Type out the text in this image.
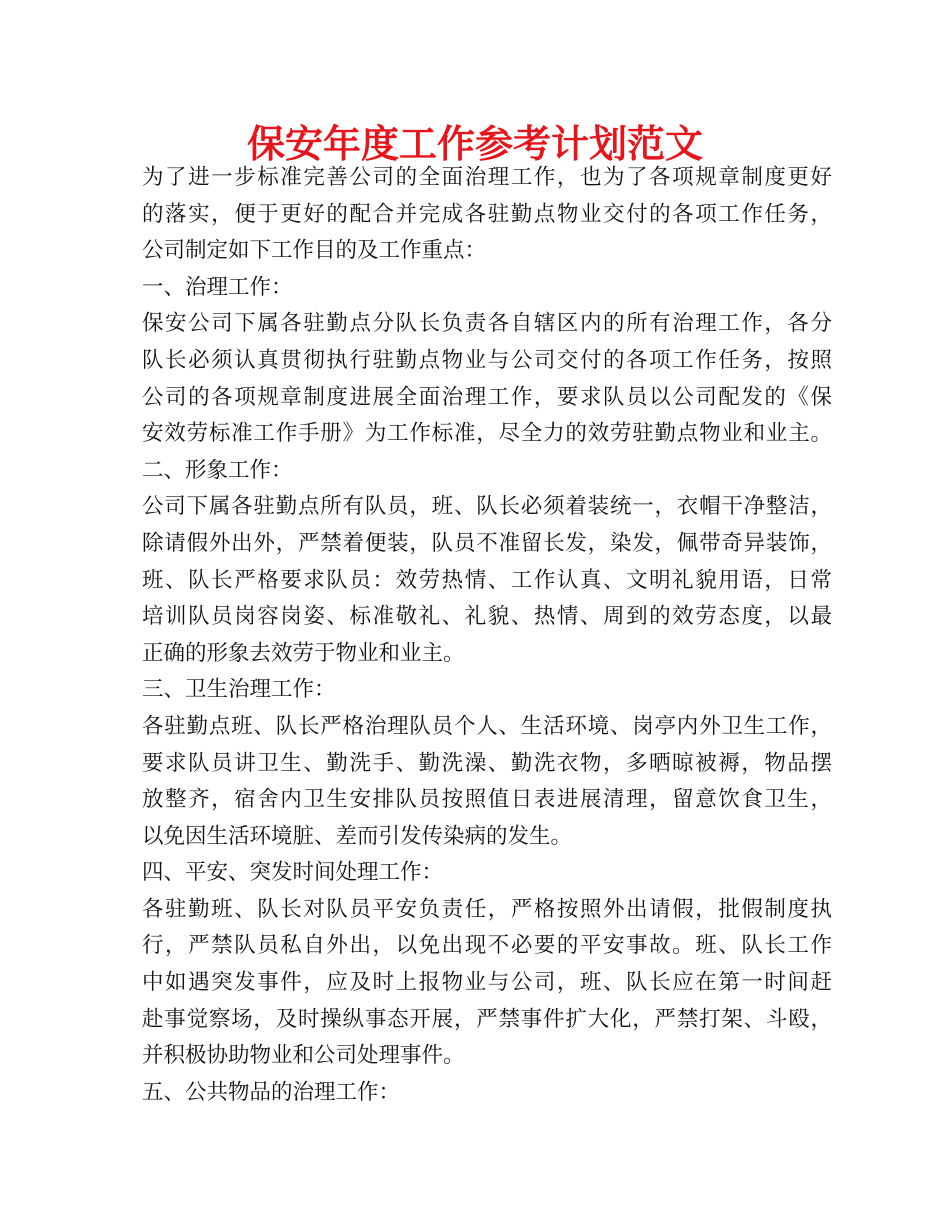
保安年度工作参考计划范文
为了进一步标准完善公司的全面治理工作，也为了各项规章制度更好
的落实，便于更好的配合并完成各驻勤点物业交付的各项工作任务，
公司制定如下工作目的及工作重点：
一、治理工作：
保安公司下属各驻勤点分队长负责各自辖区内的所有治理工作，各分
队长必须认真贯彻执行驻勤点物业与公司交付的各项工作任务，按照
公司的各项规章制度进展全面治理工作，要求队员以公司配发的《保
安效劳标准工作手册》为工作标准，尽全力的效劳驻勤点物业和业主。
二、形象工作：
公司下属各驻勤点所有队员，班、队长必须着装统一，衣帽干净整洁，
除请假外出外，严禁着便装，队员不准留长发，染发，佩带奇异装饰，
班、队长严格要求队员：效劳热情、工作认真、文明礼貌用语，日常
培训队员岗容岗姿、标准敬礼、礼貌、热情、周到的效劳态度，以最
正确的形象去效劳于物业和业主。
三、卫生治理工作：
各驻勤点班、队长严格治理队员个人、生活环境、岗亭内外卫生工作，
要求队员讲卫生、勤洗手、勤洗澡、勤洗衣物，多晒晾被褥，物品摆
放整齐，宿舍内卫生安排队员按照值日表进展清理，留意饮食卫生，
以免因生活环境脏、差而引发传染病的发生。
四、平安、突发时间处理工作：
各驻勤班、队长对队员平安负责任，严格按照外出请假，批假制度执
行，严禁队员私自外出，以免出现不必要的平安事故。班、队长工作
中如遇突发事件，应及时上报物业与公司，班、队长应在第一时间赶
赴事觉察场，及时操纵事态开展，严禁事件扩大化，严禁打架、斗殴，
并积极协助物业和公司处理事件。
五、公共物品的治理工作：
